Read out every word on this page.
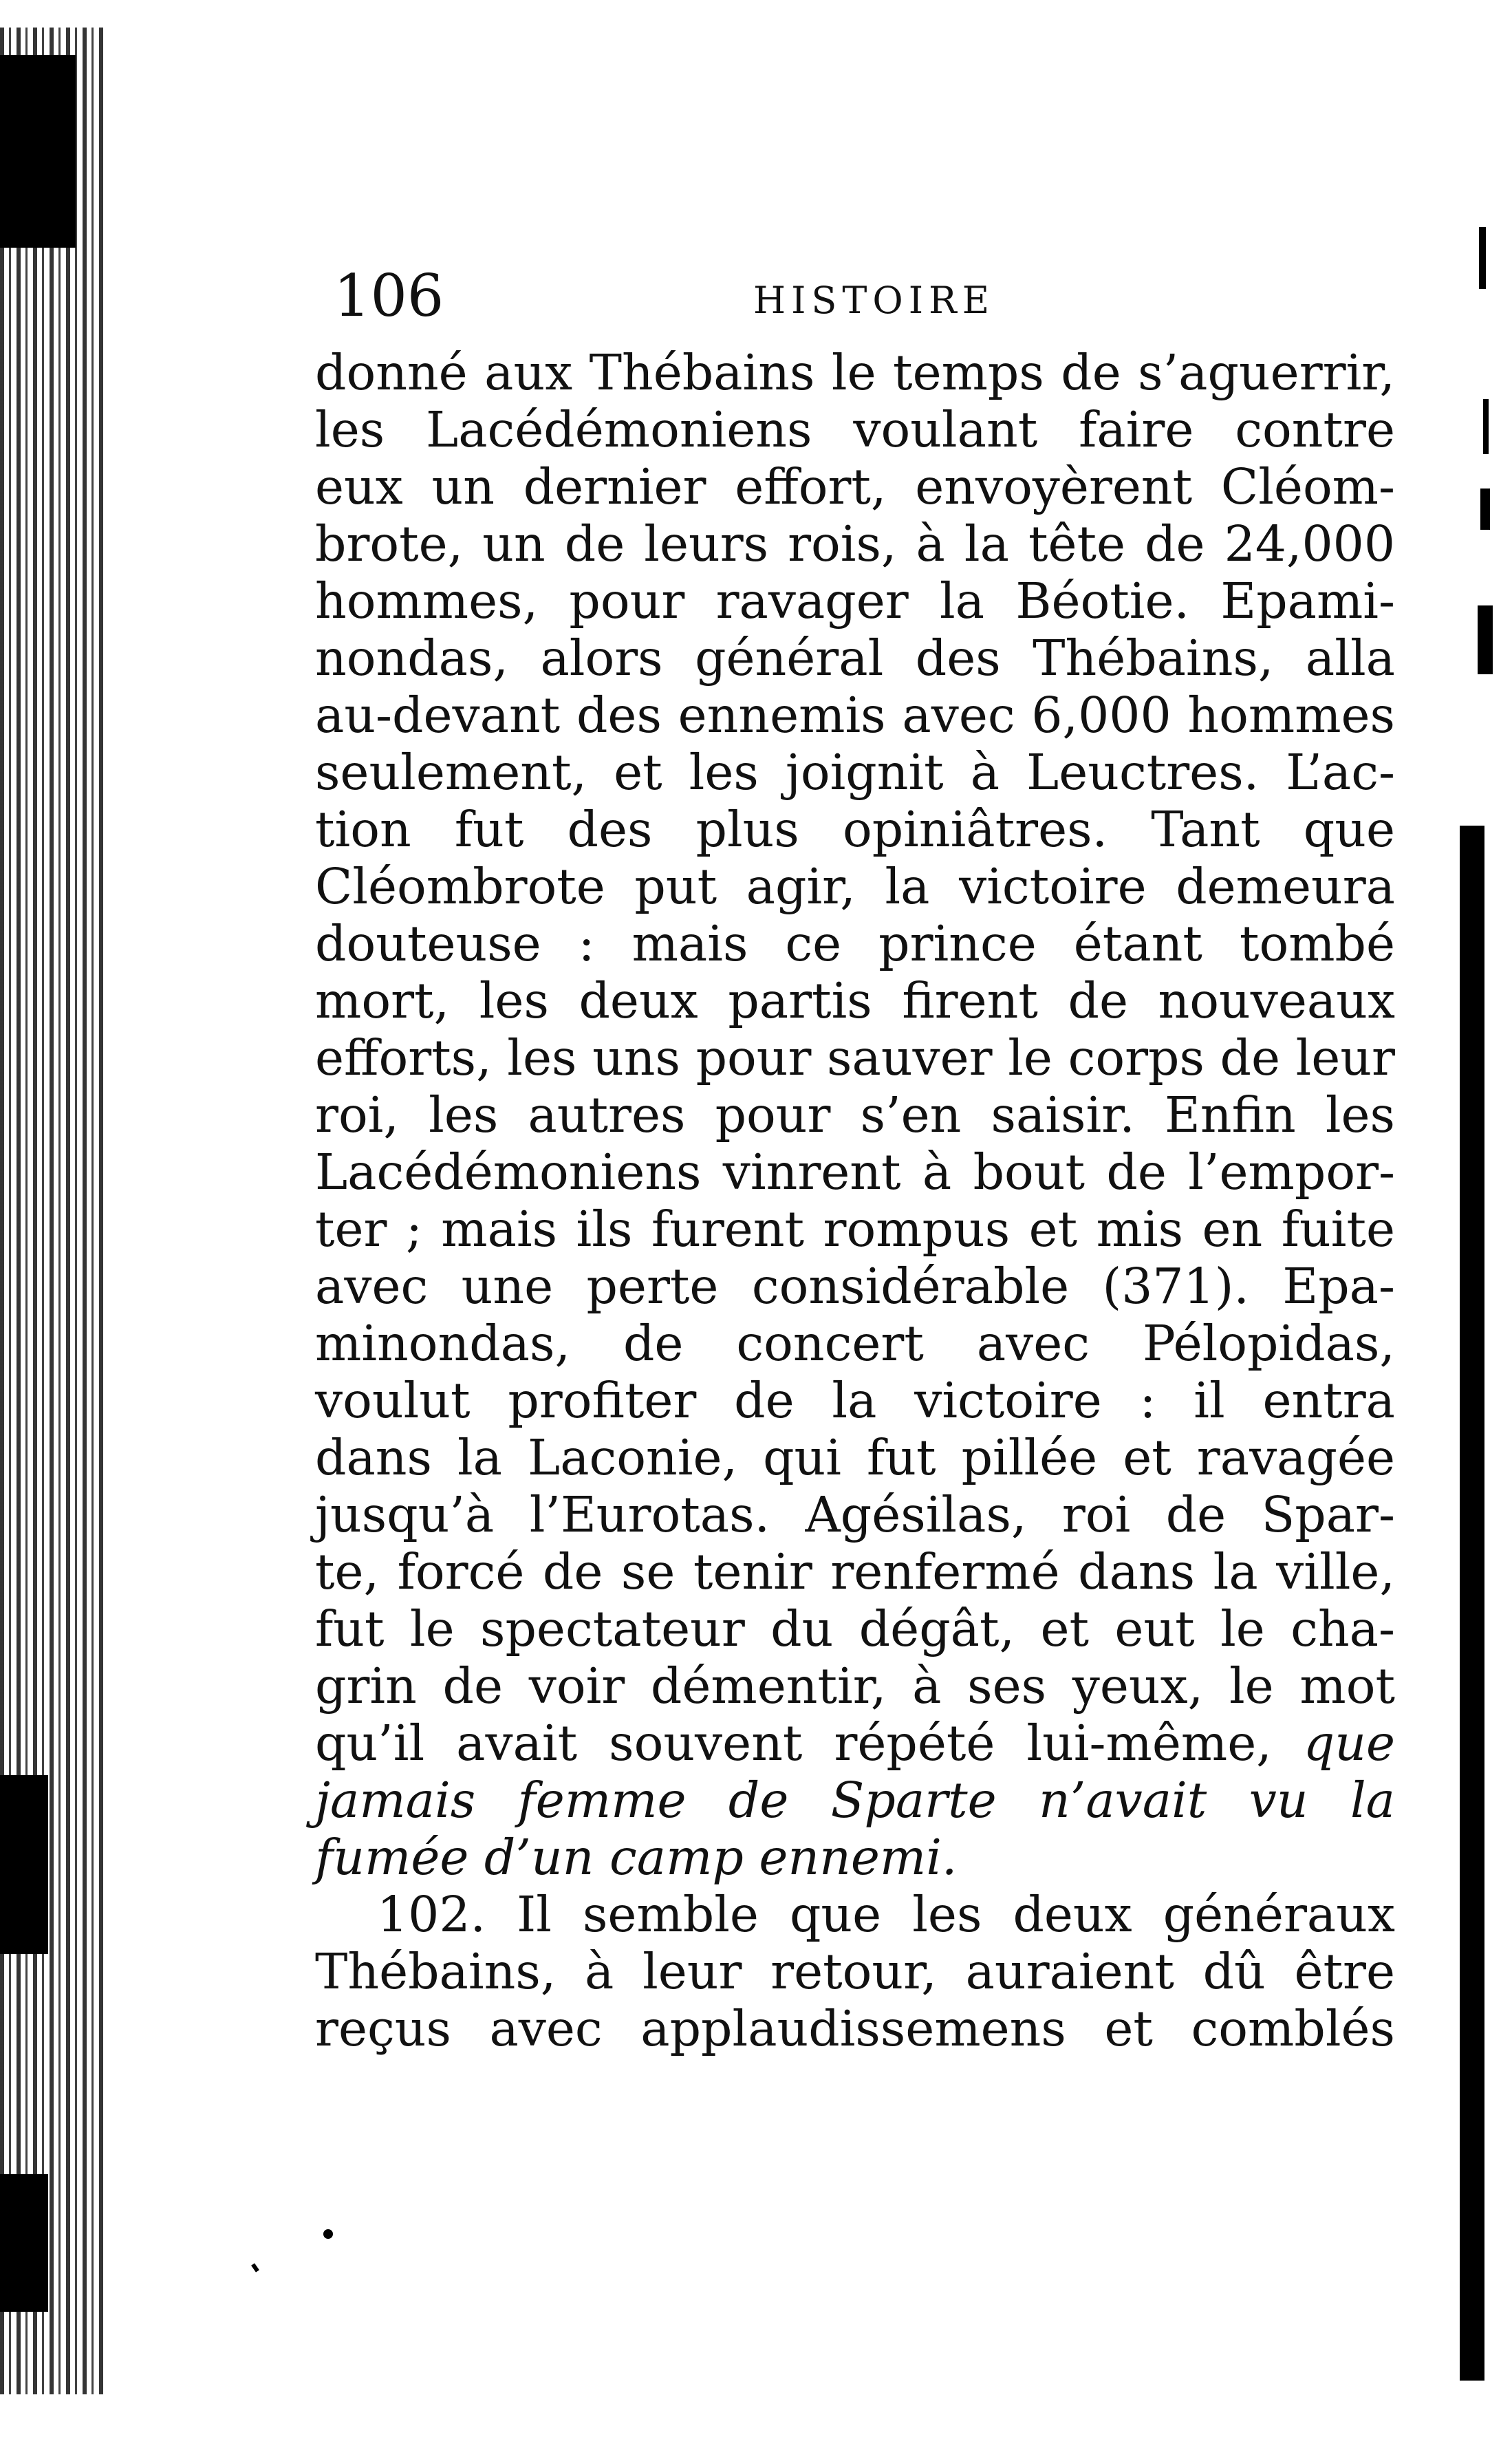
106	HISTOIRE
donné aux Thébains le temps de s’aguerrir,
les Lacédémoniens voulant faire contre
eux un dernier effort, envoyèrent Cléom-
brote, un de leurs rois, à la tête de 24,000
hommes, pour ravager la Béotie. Epami-
nondas, alors général des Thébains, alla
au-devant des ennemis avec 6,000 hommes
seulement, et les joignit à Leuctres. L’ac-
tion fut des plus opiniâtres. Tant que
Cléombrote put agir, la victoire demeura
douteuse : mais ce prince étant tombé
mort, les deux partis firent de nouveaux
efforts, les uns pour sauver le corps de leur
roi, les autres pour s’en saisir. Enfin les
Lacédémoniens vinrent à bout de l’empor-
ter ; mais ils furent rompus et mis en fuite
avec une perte considérable (371). Epa-
minondas, de concert avec Pélopidas,
voulut profiter de la victoire : il entra
dans la Laconie, qui fut pillée et ravagée
jusqu’à l’Eurotas. Agésilas, roi de Spar-
te, forcé de se tenir renfermé dans la ville,
fut le spectateur du dégât, et eut le cha-
grin de voir démentir, à ses yeux, le mot
qu’il avait souvent répété lui-même, que
jamais femme de Sparte n’avait vu la
fumée d’un camp ennemi.
102. Il semble que les deux généraux
Thébains, à leur retour, auraient dû être
reçus avec applaudissemens et comblés
